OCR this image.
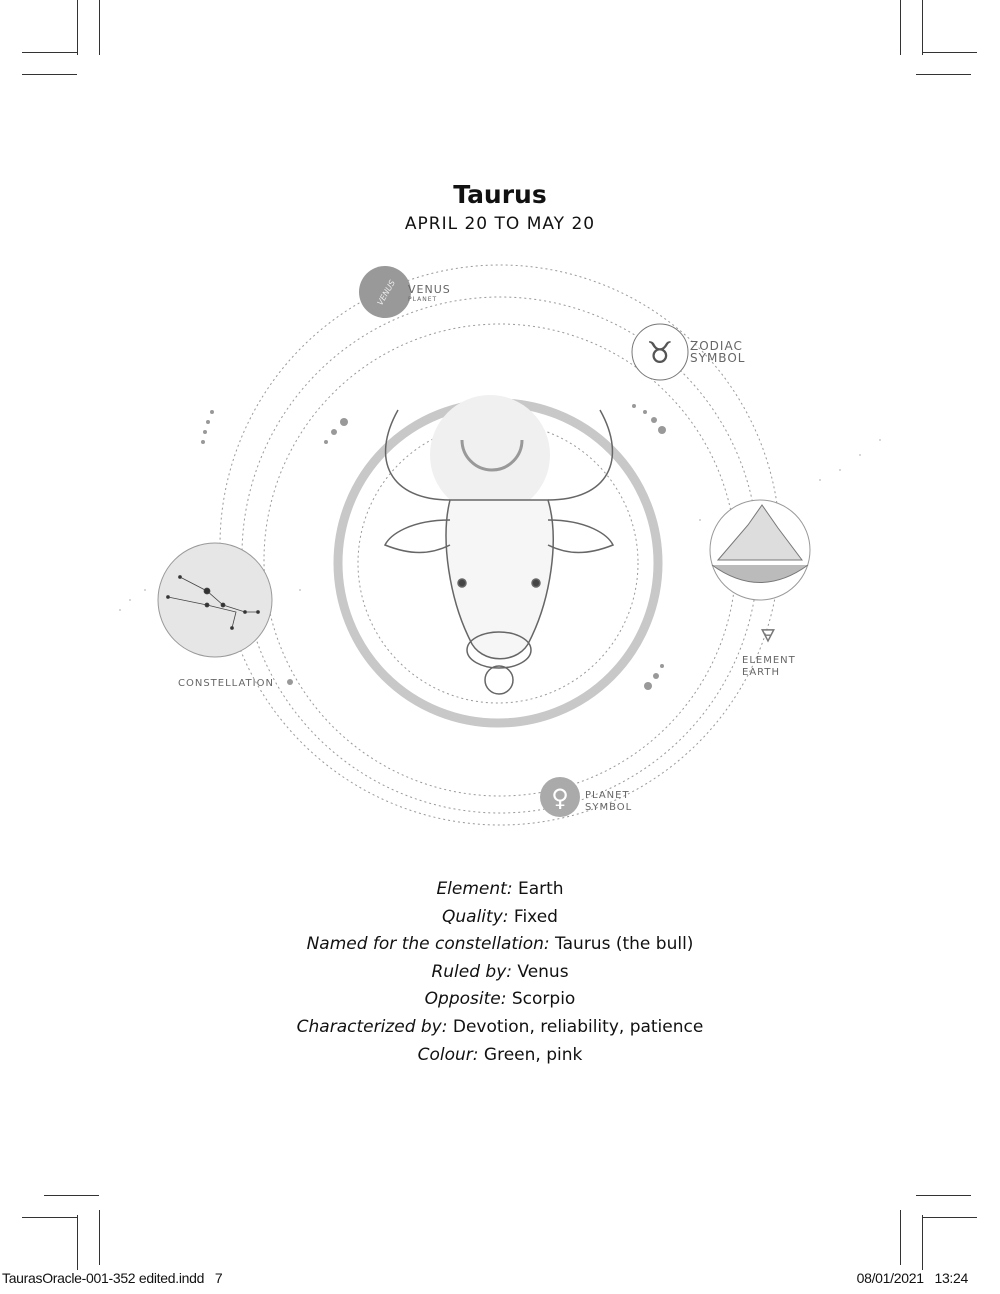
Taurus
APRIL 20 TO MAY 20
VENUS VENUS
PLANET
♉ ZODIAC
SYMBOL
🜃
ELEMENT
EARTH
CONSTELLATION
♀ PLANET
SYMBOL
Element: Earth
Quality: Fixed
Named for the constellation: Taurus (the bull)
Ruled by: Venus
Opposite: Scorpio
Characterized by: Devotion, reliability, patience
Colour: Green, pink
TaurasOracle-001-352 edited.indd   7	08/01/2021   13:24
